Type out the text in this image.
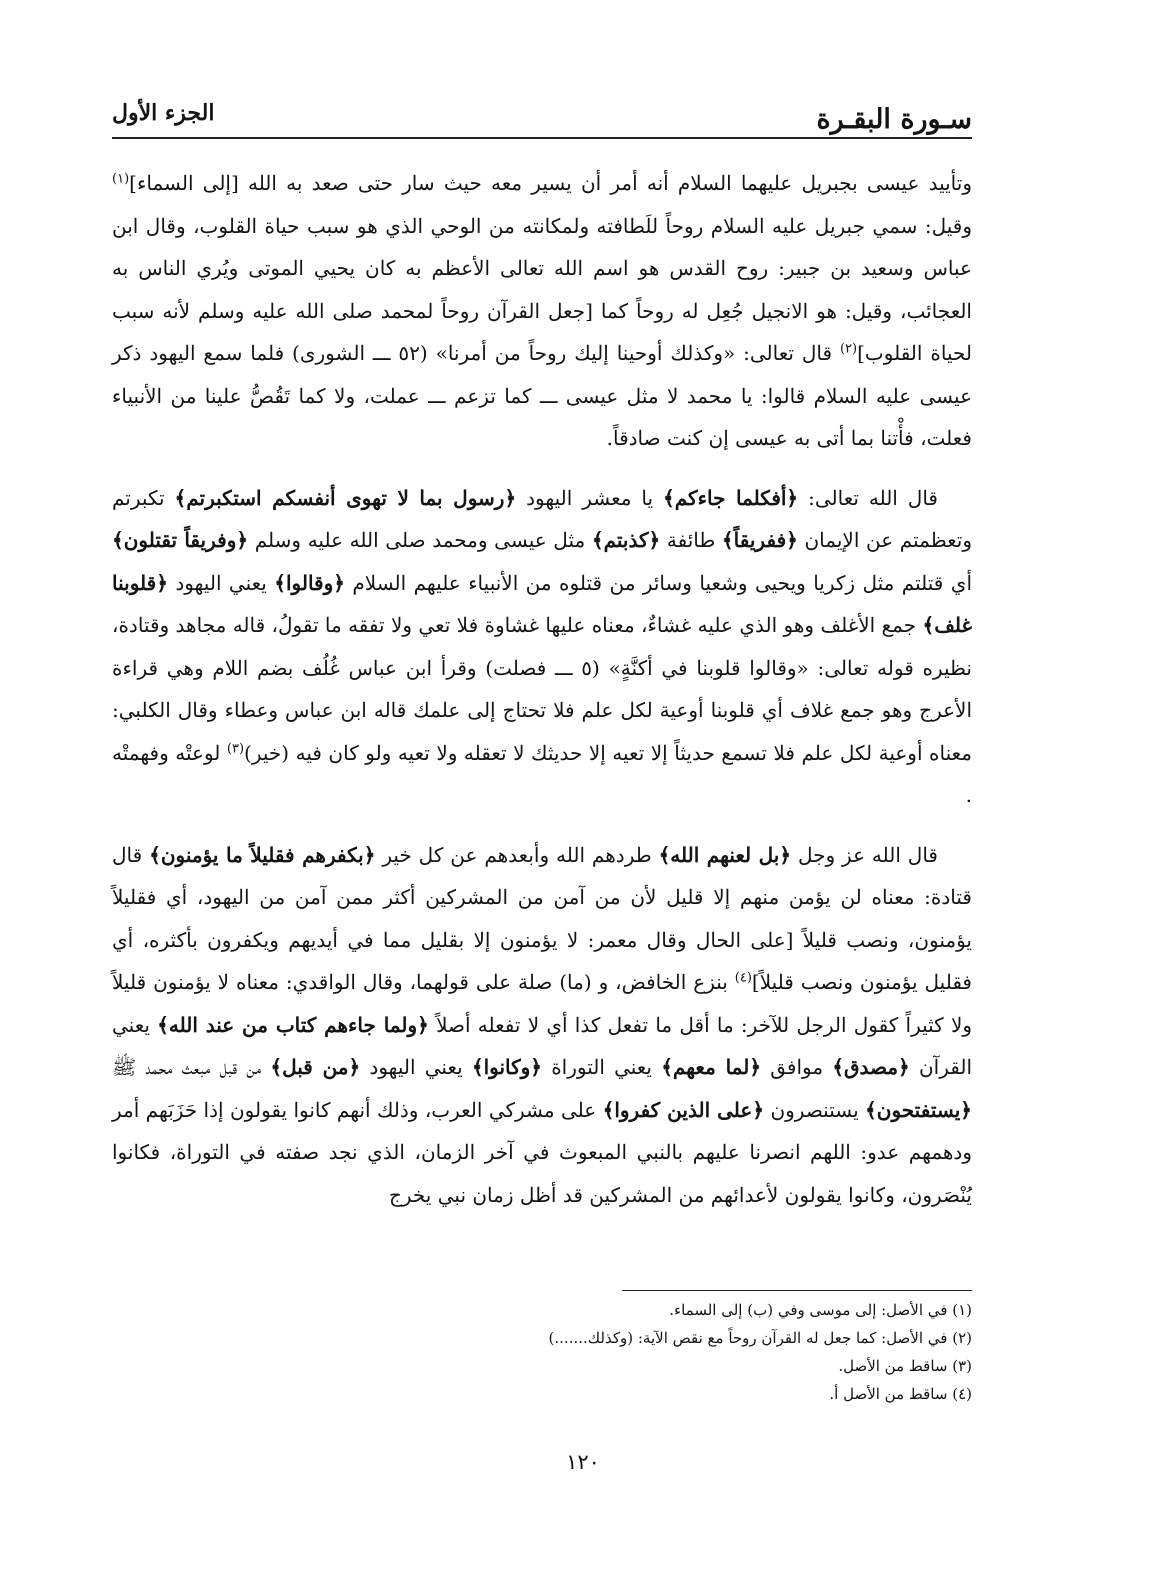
سـورة البقـرة
الجزء الأول

وتأييد عيسى بجبريل عليهما السلام أنه أمر أن يسير معه حيث سار حتى صعد به الله [إلى السماء]$^{(١)}$ وقيل: سمي جبريل عليه السلام روحاً للَطافته ولمكانته من الوحي الذي هو سبب حياة القلوب، وقال ابن عباس وسعيد بن جبير: روح القدس هو اسم الله تعالى الأعظم به كان يحيي الموتى ويُري الناس به العجائب، وقيل: هو الانجيل جُعِل له روحاً كما [جعل القرآن روحاً لمحمد صلى الله عليه وسلم لأنه سبب لحياة القلوب]$^{(٢)}$ قال تعالى: «وكذلك أوحينا إليك روحاً من أمرنا» (٥٢ ـــ الشورى) فلما سمع اليهود ذكر عيسى عليه السلام قالوا: يا محمد لا مثل عيسى ـــ كما تزعم ـــ عملت، ولا كما تَقُصُّ علينا من الأنبياء فعلت، فأْتنا بما أتى به عيسى إن كنت صادقاً.

قال الله تعالى: ﴿أفكلما جاءكم﴾ يا معشر اليهود ﴿رسول بما لا تهوى أنفسكم استكبرتم﴾ تكبرتم وتعظمتم عن الإيمان ﴿ففريقاً﴾ طائفة ﴿كذبتم﴾ مثل عيسى ومحمد صلى الله عليه وسلم ﴿وفريقاً تقتلون﴾ أي قتلتم مثل زكريا ويحيى وشعيا وسائر من قتلوه من الأنبياء عليهم السلام ﴿وقالوا﴾ يعني اليهود ﴿قلوبنا غلف﴾ جمع الأغلف وهو الذي عليه غشاءٌ، معناه عليها غشاوة فلا تعي ولا تفقه ما تقولُ، قاله مجاهد وقتادة، نظيره قوله تعالى: «وقالوا قلوبنا في أكنَّةٍ» (٥ ـــ فصلت) وقرأ ابن عباس غُلُف بضم اللام وهي قراءة الأعرج وهو جمع غلاف أي قلوبنا أوعية لكل علم فلا تحتاج إلى علمك قاله ابن عباس وعطاء وقال الكلبي: معناه أوعية لكل علم فلا تسمع حديثاً إلا تعيه إلا حديثك لا تعقله ولا تعيه ولو كان فيه (خير)$^{(٣)}$ لوعتْه وفهمتْه .

قال الله عز وجل ﴿بل لعنهم الله﴾ طردهم الله وأبعدهم عن كل خير ﴿بكفرهم فقليلاً ما يؤمنون﴾ قال قتادة: معناه لن يؤمن منهم إلا قليل لأن من آمن من المشركين أكثر ممن آمن من اليهود، أي فقليلاً يؤمنون، ونصب قليلاً [على الحال وقال معمر: لا يؤمنون إلا بقليل مما في أيديهم ويكفرون بأكثره، أي فقليل يؤمنون ونصب قليلاً]$^{(٤)}$ بنزع الخافض، و (ما) صلة على قولهما، وقال الواقدي: معناه لا يؤمنون قليلاً ولا كثيراً كقول الرجل للآخر: ما أقل ما تفعل كذا أي لا تفعله أصلاً ﴿ولما جاءهم كتاب من عند الله﴾ يعني القرآن ﴿مصدق﴾ موافق ﴿لما معهم﴾ يعني التوراة ﴿وكانوا﴾ يعني اليهود ﴿من قبل﴾ من قبل مبعث محمد ﷺ ﴿يستفتحون﴾ يستنصرون ﴿على الذين كفروا﴾ على مشركي العرب، وذلك أنهم كانوا يقولون إذا حَزَبَهم أمر ودهمهم عدو: اللهم انصرنا عليهم بالنبي المبعوث في آخر الزمان، الذي نجد صفته في التوراة، فكانوا يُنْصَرون، وكانوا يقولون لأعدائهم من المشركين قد أظل زمان نبي يخرج

(١) في الأصل: إلى موسى وفي (ب) إلى السماء.
(٢) في الأصل: كما جعل له القرآن روحاً مع نقص الآية: (وكذلك.......)
(٣) ساقط من الأصل.
(٤) ساقط من الأصل أ.
١٢٠
